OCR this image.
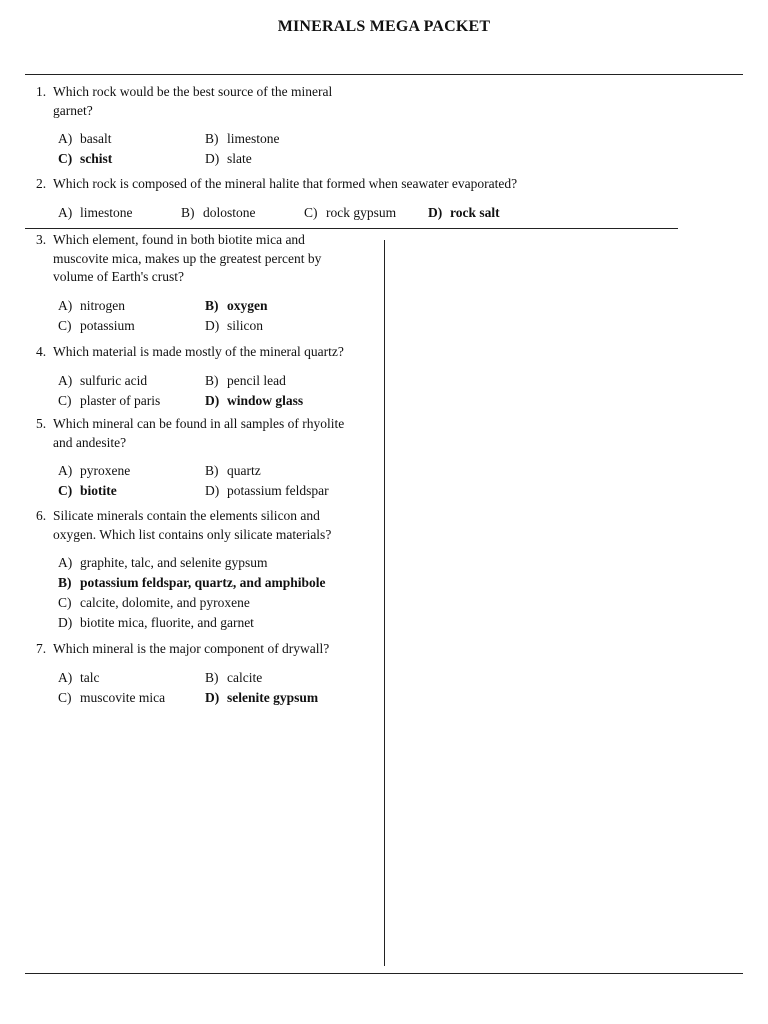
MINERALS MEGA PACKET
1. Which rock would be the best source of the mineral
garnet?
A) basalt	B) limestone
C) schist	D) slate
2. Which rock is composed of the mineral halite that formed when seawater evaporated?
A) limestone	B) dolostone	C) rock gypsum D) rock salt
3. Which element, found in both biotite mica and
muscovite mica, makes up the greatest percent by
volume of Earth's crust?
A) nitrogen	B) oxygen
C) potassium	D) silicon
4. Which material is made mostly of the mineral quartz?
A) sulfuric acid	B) pencil lead
C) plaster of paris	D) window glass
5. Which mineral can be found in all samples of rhyolite
and andesite?
A) pyroxene	B) quartz
C) biotite	D) potassium feldspar
6. Silicate minerals contain the elements silicon and
oxygen. Which list contains only silicate materials?
A) graphite, talc, and selenite gypsum
B) potassium feldspar, quartz, and amphibole
C) calcite, dolomite, and pyroxene
D) biotite mica, fluorite, and garnet
7. Which mineral is the major component of drywall?
A) talc	B) calcite
C) muscovite mica	D) selenite gypsum
